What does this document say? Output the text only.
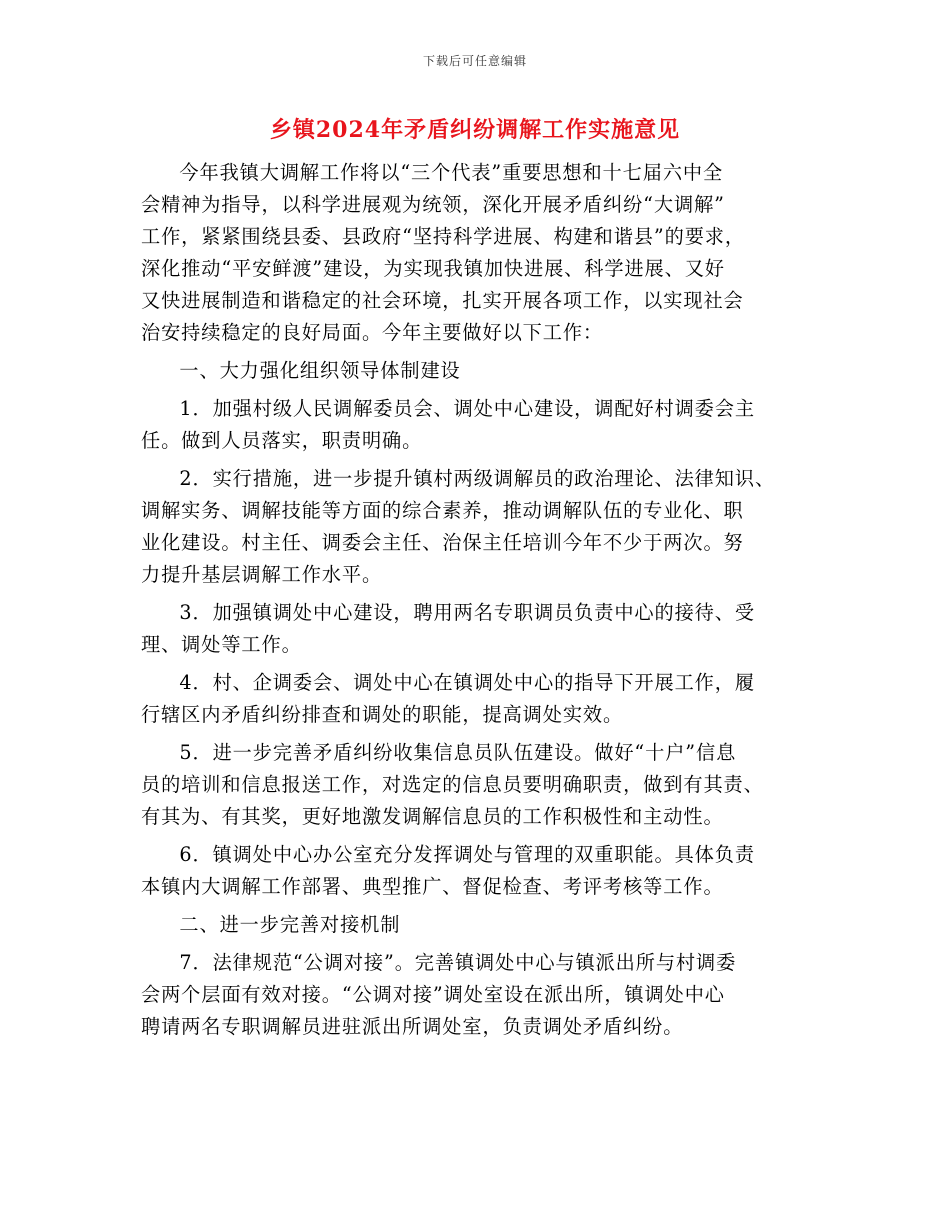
下载后可任意编辑
乡镇2024年矛盾纠纷调解工作实施意见

今年我镇大调解工作将以“三个代表”重要思想和十七届六中全
会精神为指导，以科学进展观为统领，深化开展矛盾纠纷“大调解”
工作，紧紧围绕县委、县政府“坚持科学进展、构建和谐县”的要求，
深化推动“平安鲜渡”建设，为实现我镇加快进展、科学进展、又好
又快进展制造和谐稳定的社会环境，扎实开展各项工作，以实现社会
治安持续稳定的良好局面。今年主要做好以下工作：

一、大力强化组织领导体制建设

1．加强村级人民调解委员会、调处中心建设，调配好村调委会主
任。做到人员落实，职责明确。

2．实行措施，进一步提升镇村两级调解员的政治理论、法律知识、
调解实务、调解技能等方面的综合素养，推动调解队伍的专业化、职
业化建设。村主任、调委会主任、治保主任培训今年不少于两次。努
力提升基层调解工作水平。

3．加强镇调处中心建设，聘用两名专职调员负责中心的接待、受
理、调处等工作。

4．村、企调委会、调处中心在镇调处中心的指导下开展工作，履
行辖区内矛盾纠纷排查和调处的职能，提高调处实效。

5．进一步完善矛盾纠纷收集信息员队伍建设。做好“十户”信息
员的培训和信息报送工作，对选定的信息员要明确职责，做到有其责、
有其为、有其奖，更好地激发调解信息员的工作积极性和主动性。

6．镇调处中心办公室充分发挥调处与管理的双重职能。具体负责
本镇内大调解工作部署、典型推广、督促检查、考评考核等工作。

二、进一步完善对接机制

7．法律规范“公调对接”。完善镇调处中心与镇派出所与村调委
会两个层面有效对接。“公调对接”调处室设在派出所，镇调处中心
聘请两名专职调解员进驻派出所调处室，负责调处矛盾纠纷。
